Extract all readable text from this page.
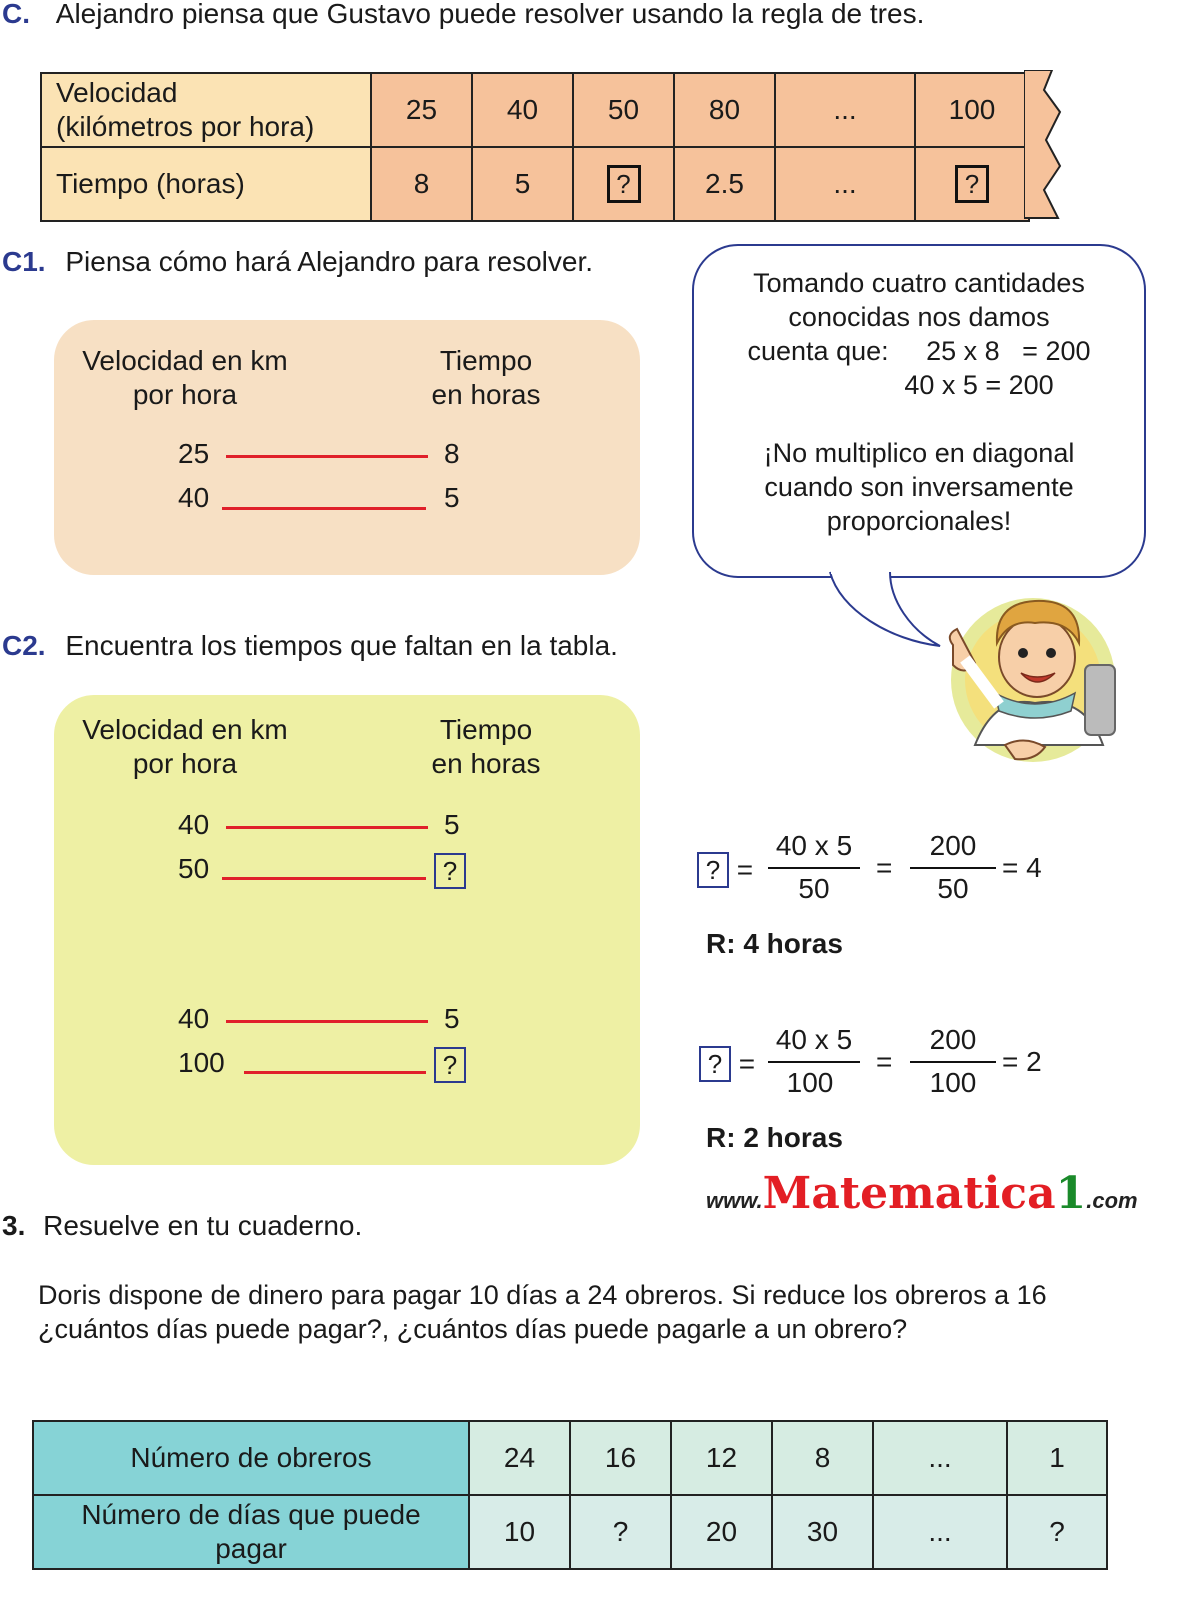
C. Alejandro piensa que Gustavo puede resolver usando la regla de tres.
Velocidad
(kilómetros por hora)	25	40	50	80	...	100
Tiempo (horas)	8	5	?	2.5	...	?
C1. Piensa cómo hará Alejandro para resolver.
Velocidad en km
por hora
Tiempo
en horas
25	8
40	5
Tomando cuatro cantidades
conocidas nos damos
cuenta que:     25 x 8   = 200
40 x 5 = 200
¡No multiplico en diagonal
cuando son inversamente
proporcionales!
C2. Encuentra los tiempos que faltan en la tabla.
Velocidad en km
por hora
Tiempo
en horas
40	5
50	?
40	5
100	?
? =
40 x 5
50
=
200
50
= 4
R: 4 horas
? =
40 x 5
100
=
200
100
= 2
R: 2 horas
www.Matematica1.com
3. Resuelve en tu cuaderno.
Doris dispone de dinero para pagar 10 días a 24 obreros. Si reduce los obreros a 16
¿cuántos días puede pagar?, ¿cuántos días puede pagarle a un obrero?
Número de obreros	24	16	12	8	...	1
Número de días que puede
pagar	10	?	20	30	...	?
